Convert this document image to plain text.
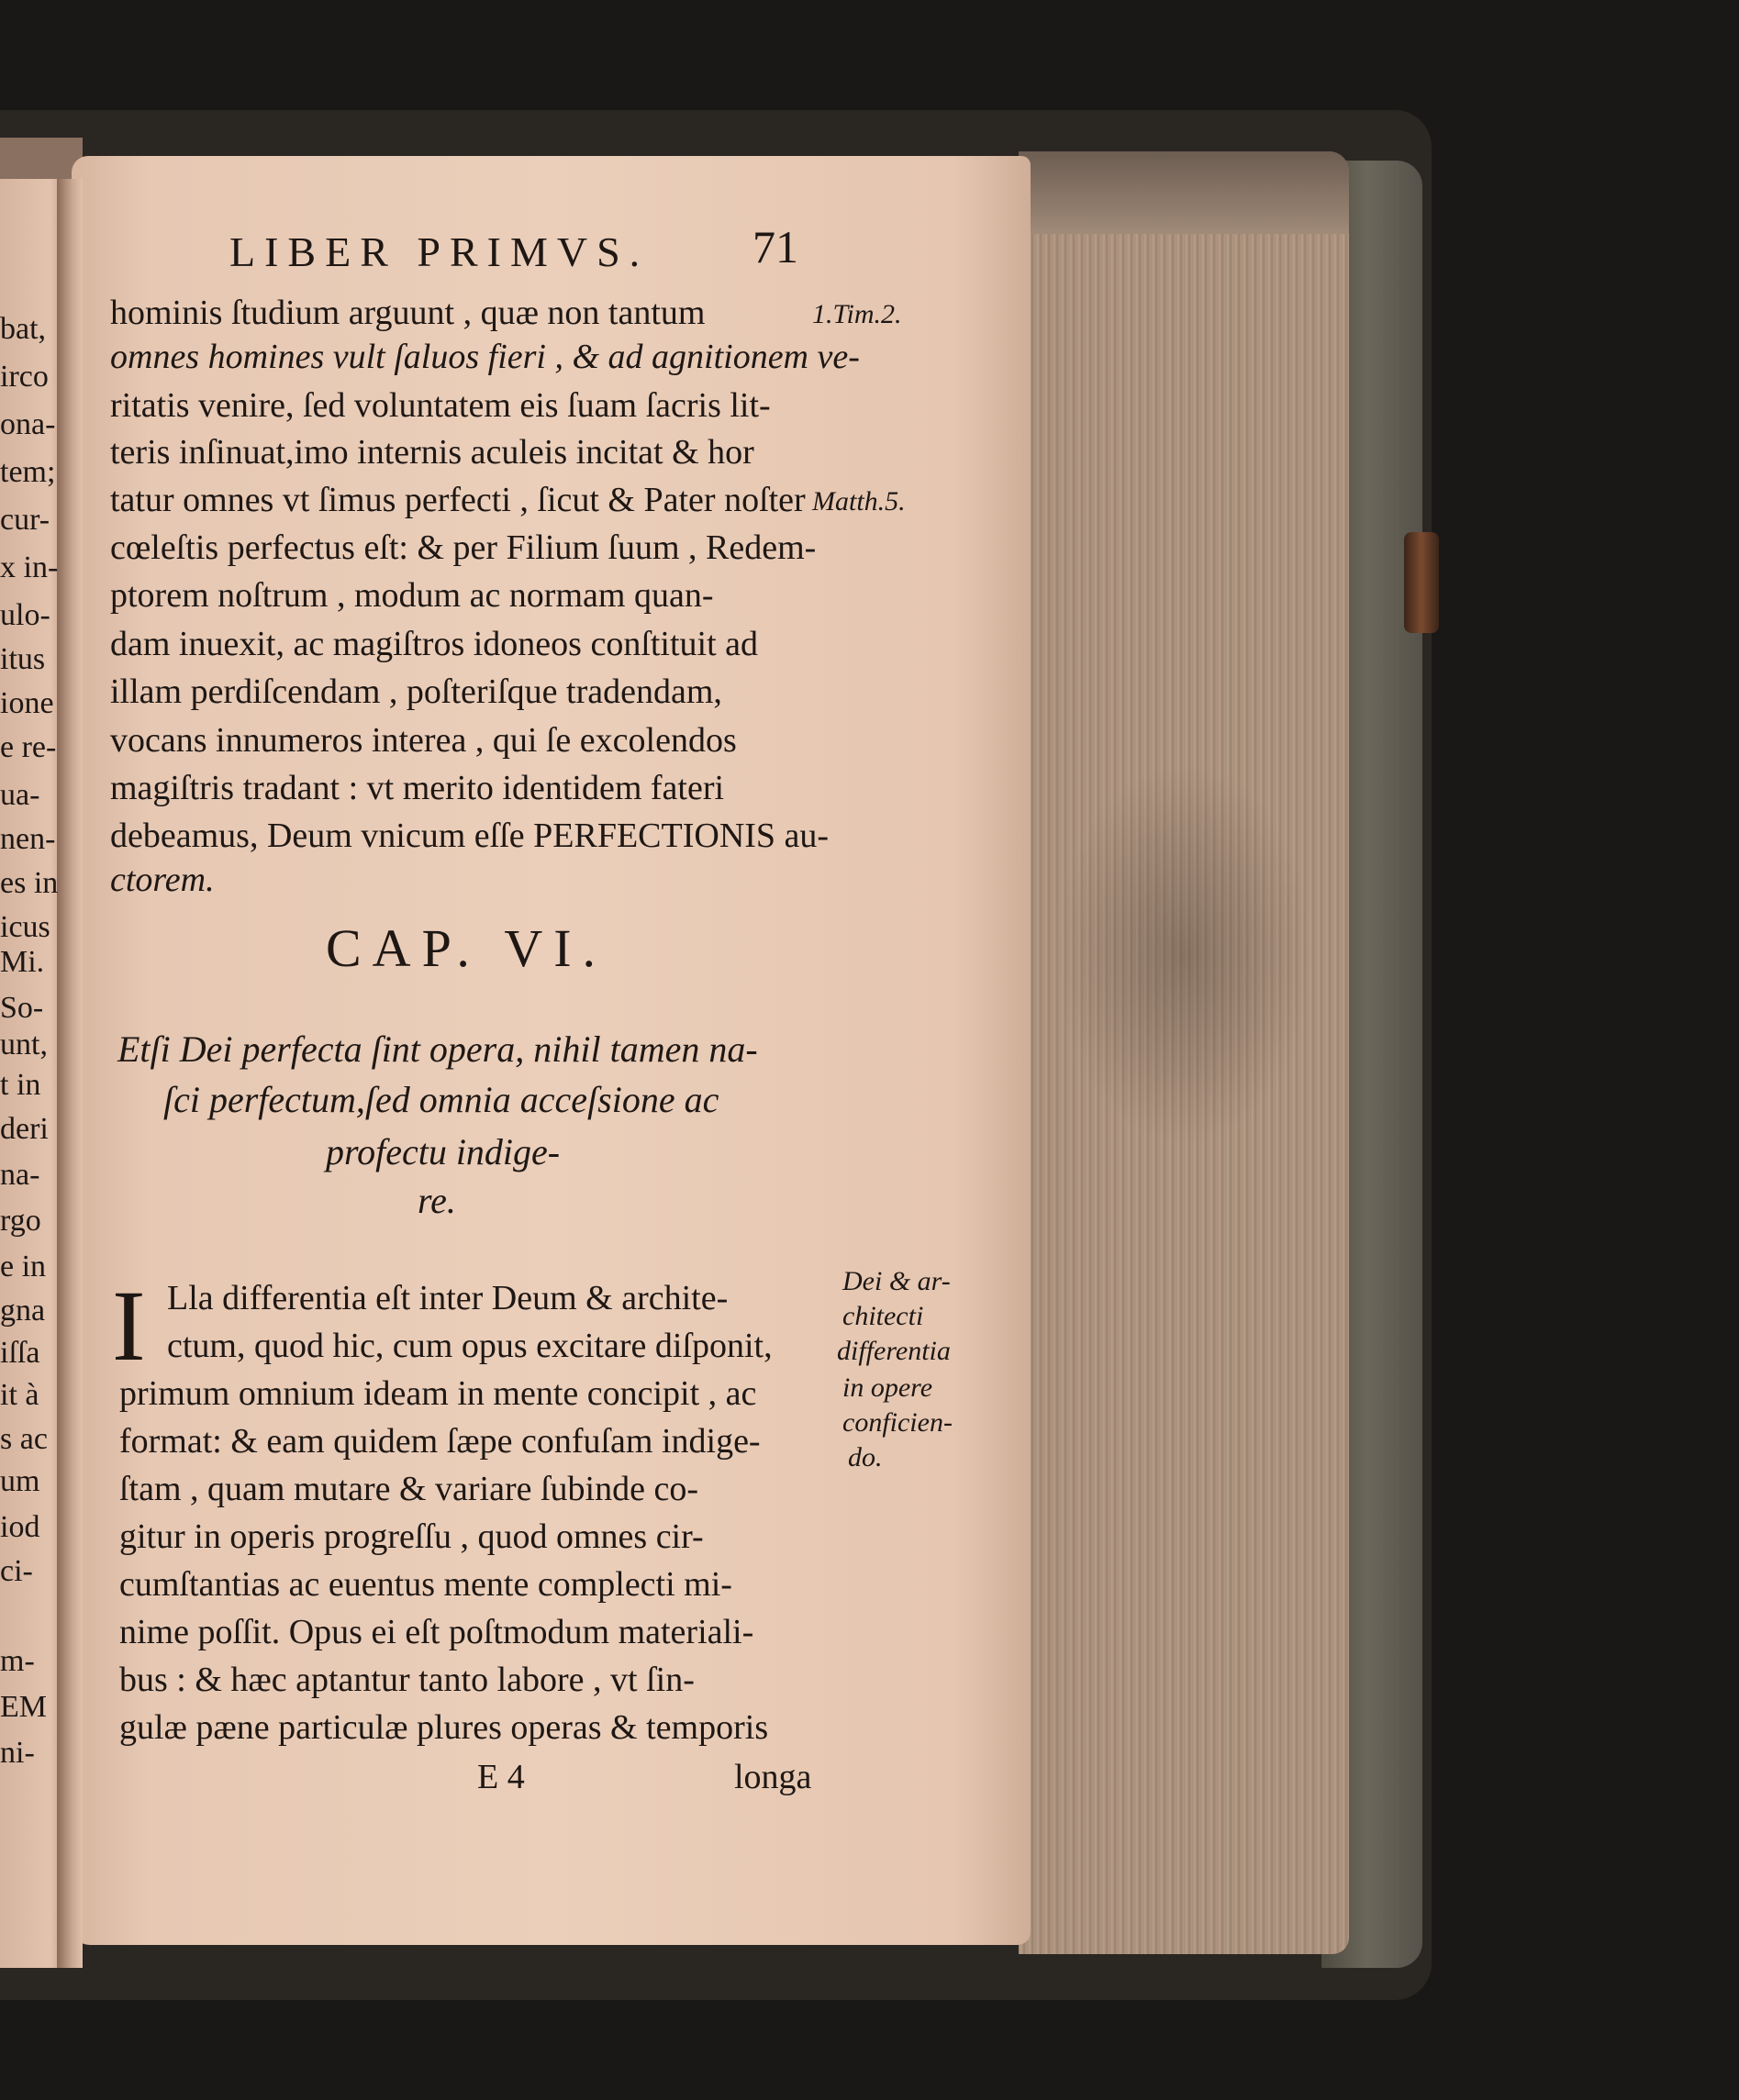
bat,
irco
ona-
tem;
cur-
x in-
ulo-
itus
ione
e re-
ua-
nen-
es in
icus
Mi.
So-
unt,
t in
deri
na-
rgo
e in
gna
iſſa
it à
s ac
um
iod
ci-
m-
EM
ni-
LIBER PRIMVS. 71
hominis ſtudium arguunt , quæ non tantum
omnes homines vult ſaluos fieri , & ad agnitionem ve-
ritatis venire, ſed voluntatem eis ſuam ſacris lit-
teris inſinuat,imo internis aculeis incitat & hor
tatur omnes vt ſimus perfecti , ſicut & Pater noſter
cœleſtis perfectus eſt: & per Filium ſuum , Redem-
ptorem noſtrum , modum ac normam quan-
dam inuexit, ac magiſtros idoneos conſtituit ad
illam perdiſcendam , poſteriſque tradendam,
vocans innumeros interea , qui ſe excolendos
magiſtris tradant : vt merito identidem fateri
debeamus, Deum vnicum eſſe PERFECTIONIS au-
ctorem.
1.Tim.2.
Matth.5.
Dei & ar-
chitecti
differentia
in opere
conficien-
do.
CAP. VI.
Etſi Dei perfecta ſint opera, nihil tamen na-
ſci perfectum,ſed omnia acceſsione ac
profectu indige-
re.
I Lla differentia eſt inter Deum & archite-
ctum, quod hic, cum opus excitare diſponit,
primum omnium ideam in mente concipit , ac
format: & eam quidem ſæpe confuſam indige-
ſtam , quam mutare & variare ſubinde co-
gitur in operis progreſſu , quod omnes cir-
cumſtantias ac euentus mente complecti mi-
nime poſſit. Opus ei eſt poſtmodum materiali-
bus : & hæc aptantur tanto labore , vt ſin-
gulæ pæne particulæ plures operas & temporis
E 4	longa
